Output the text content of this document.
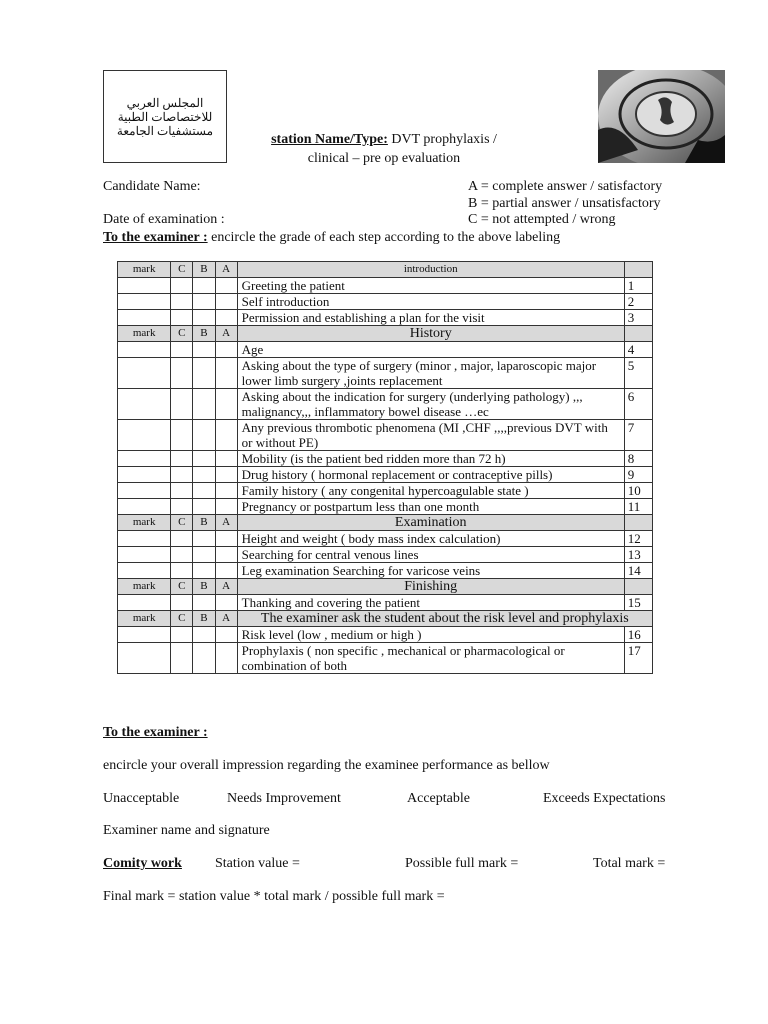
المجلس العربي
للاختصاصات الطبية
مستشفيات الجامعة
station Name/Type: DVT prophylaxis /
clinical – pre op evaluation
Candidate Name:
Date of examination :
A = complete answer / satisfactory
B = partial answer / unsatisfactory
C = not attempted / wrong
To the examiner : encircle the grade of each step according to the above labeling
mark	C	B	A	introduction	
				Greeting the patient	1
				Self introduction	2
				Permission and establishing a plan for the visit	3
mark	C	B	A	History	
				Age	4
				Asking about the type of surgery (minor , major, laparoscopic major lower limb surgery ,joints replacement	5
				Asking about the indication for surgery (underlying pathology) ,,, malignancy,,, inflammatory bowel disease …ec	6
				Any previous thrombotic phenomena (MI ,CHF ,,,,previous DVT with or without PE)	7
				Mobility (is the patient bed ridden more than 72 h)	8
				Drug history ( hormonal replacement or contraceptive pills)	9
				Family history ( any congenital hypercoagulable state )	10
				Pregnancy or postpartum less than one month	11
mark	C	B	A	Examination	
				Height and weight ( body mass index calculation)	12
				Searching for central venous lines	13
				Leg examination Searching for varicose veins	14
mark	C	B	A	Finishing	
				Thanking and covering the patient	15
mark	C	B	A	The examiner ask the student about the risk level and prophylaxis	
				Risk level (low , medium or high )	16
				Prophylaxis ( non specific , mechanical or pharmacological or combination of both	17
To the examiner :
encircle your overall impression regarding the examinee performance as bellow
Unacceptable	Needs Improvement	Acceptable	Exceeds Expectations
Examiner name and signature
Comity work Station value =	Possible full mark =	Total mark =
Final mark = station value * total mark / possible full mark =
